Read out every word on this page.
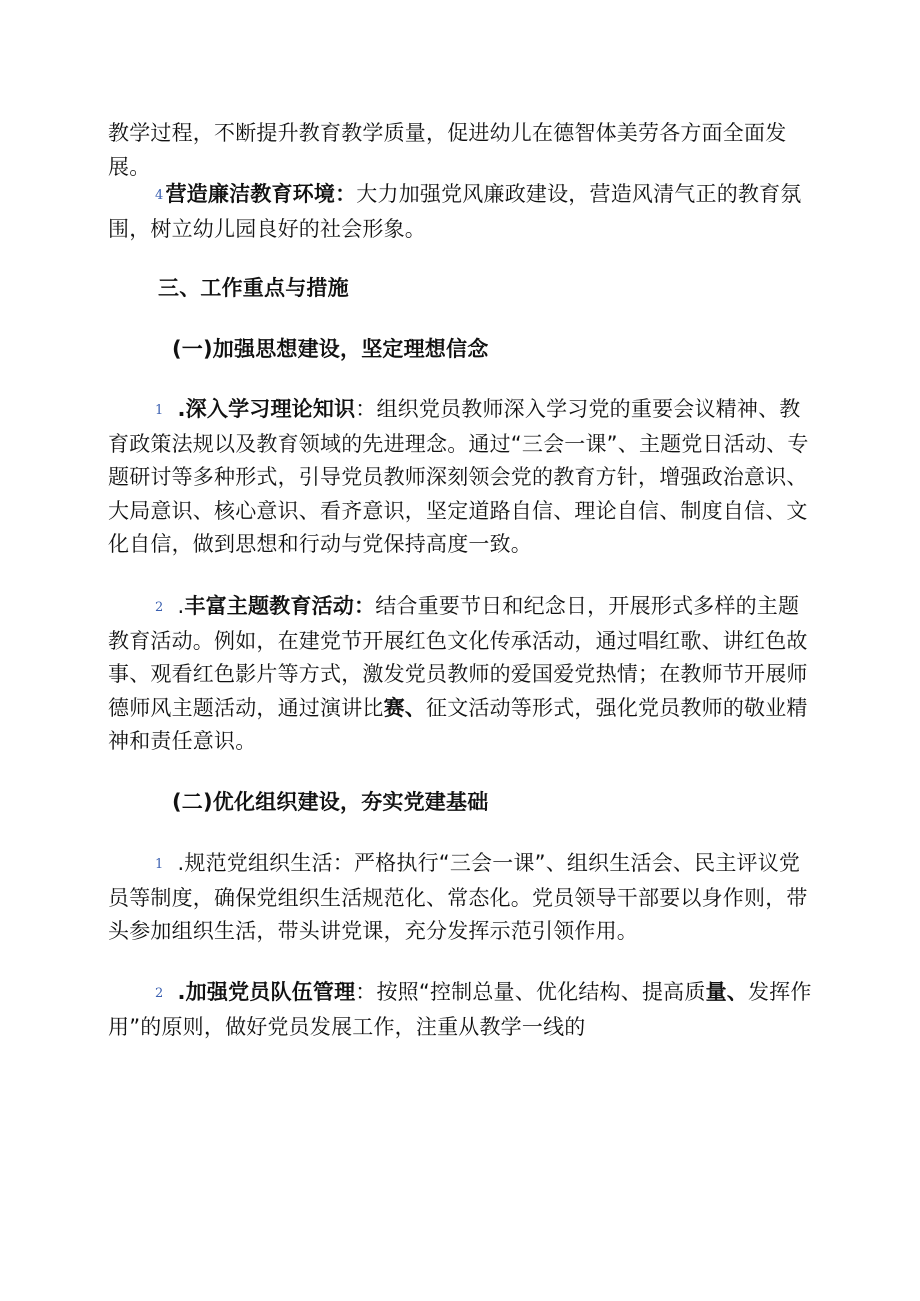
教学过程，不断提升教育教学质量，促进幼儿在德智体美劳各方面全面发展。

4营造廉洁教育环境：大力加强党风廉政建设，营造风清气正的教育氛围，树立幼儿园良好的社会形象。

三、工作重点与措施

(一)加强思想建设，坚定理想信念

1 .深入学习理论知识：组织党员教师深入学习党的重要会议精神、教育政策法规以及教育领域的先进理念。通过“三会一课”、主题党日活动、专题研讨等多种形式，引导党员教师深刻领会党的教育方针，增强政治意识、大局意识、核心意识、看齐意识，坚定道路自信、理论自信、制度自信、文化自信，做到思想和行动与党保持高度一致。

2 .丰富主题教育活动：结合重要节日和纪念日，开展形式多样的主题教育活动。例如，在建党节开展红色文化传承活动，通过唱红歌、讲红色故事、观看红色影片等方式，激发党员教师的爱国爱党热情；在教师节开展师德师风主题活动，通过演讲比赛、征文活动等形式，强化党员教师的敬业精神和责任意识。

(二)优化组织建设，夯实党建基础

1 .规范党组织生活：严格执行“三会一课”、组织生活会、民主评议党员等制度，确保党组织生活规范化、常态化。党员领导干部要以身作则，带头参加组织生活，带头讲党课，充分发挥示范引领作用。

2 .加强党员队伍管理：按照“控制总量、优化结构、提高质量、发挥作用”的原则，做好党员发展工作，注重从教学一线的
